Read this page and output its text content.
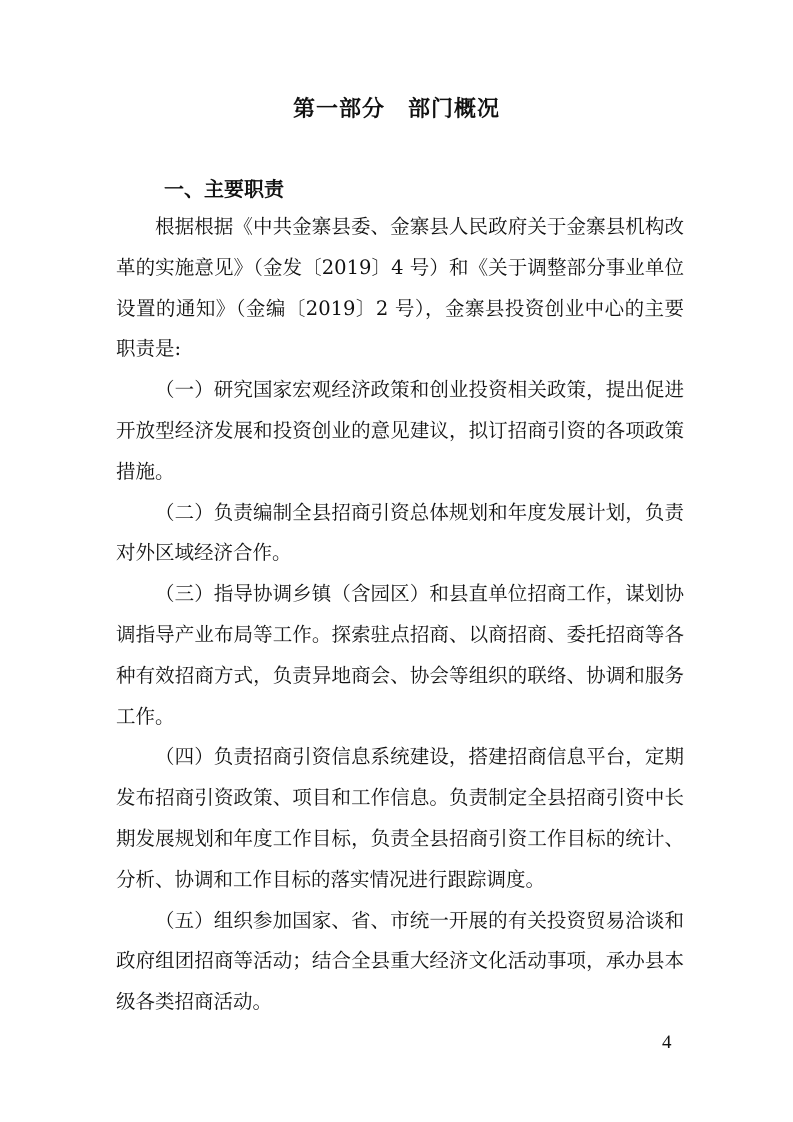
第一部分　部门概况
一、主要职责

根据根据《中共金寨县委、金寨县人民政府关于金寨县机构改革的实施意见》（金发〔2019〕4 号）和《关于调整部分事业单位设置的通知》（金编〔2019〕2 号），金寨县投资创业中心的主要职责是:

（一）研究国家宏观经济政策和创业投资相关政策，提出促进开放型经济发展和投资创业的意见建议，拟订招商引资的各项政策措施。

（二）负责编制全县招商引资总体规划和年度发展计划，负责对外区域经济合作。

（三）指导协调乡镇（含园区）和县直单位招商工作，谋划协调指导产业布局等工作。探索驻点招商、以商招商、委托招商等各种有效招商方式，负责异地商会、协会等组织的联络、协调和服务工作。

（四）负责招商引资信息系统建设，搭建招商信息平台，定期发布招商引资政策、项目和工作信息。负责制定全县招商引资中长期发展规划和年度工作目标，负责全县招商引资工作目标的统计、分析、协调和工作目标的落实情况进行跟踪调度。

（五）组织参加国家、省、市统一开展的有关投资贸易洽谈和政府组团招商等活动；结合全县重大经济文化活动事项，承办县本级各类招商活动。

4
